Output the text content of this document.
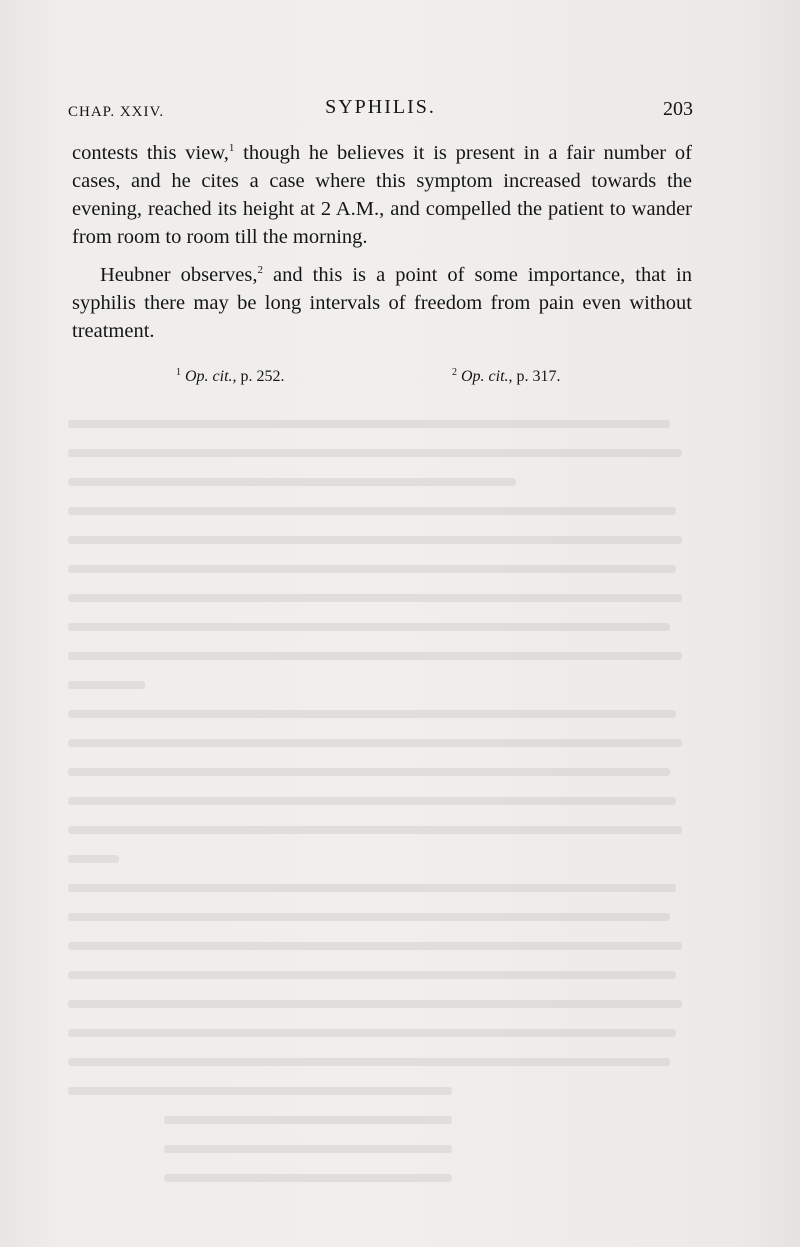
CHAP. XXIV.	SYPHILIS.	203

contests this view,$^1$ though he believes it is present in a fair number of cases, and he cites a case where this symptom increased towards the evening, reached its height at 2 A.M., and compelled the patient to wander from room to room till the morning.

Heubner observes,$^2$ and this is a point of some importance, that in syphilis there may be long intervals of freedom from pain even without treatment.

$^1$ Op. cit., p. 252.	$^2$ Op. cit., p. 317.
